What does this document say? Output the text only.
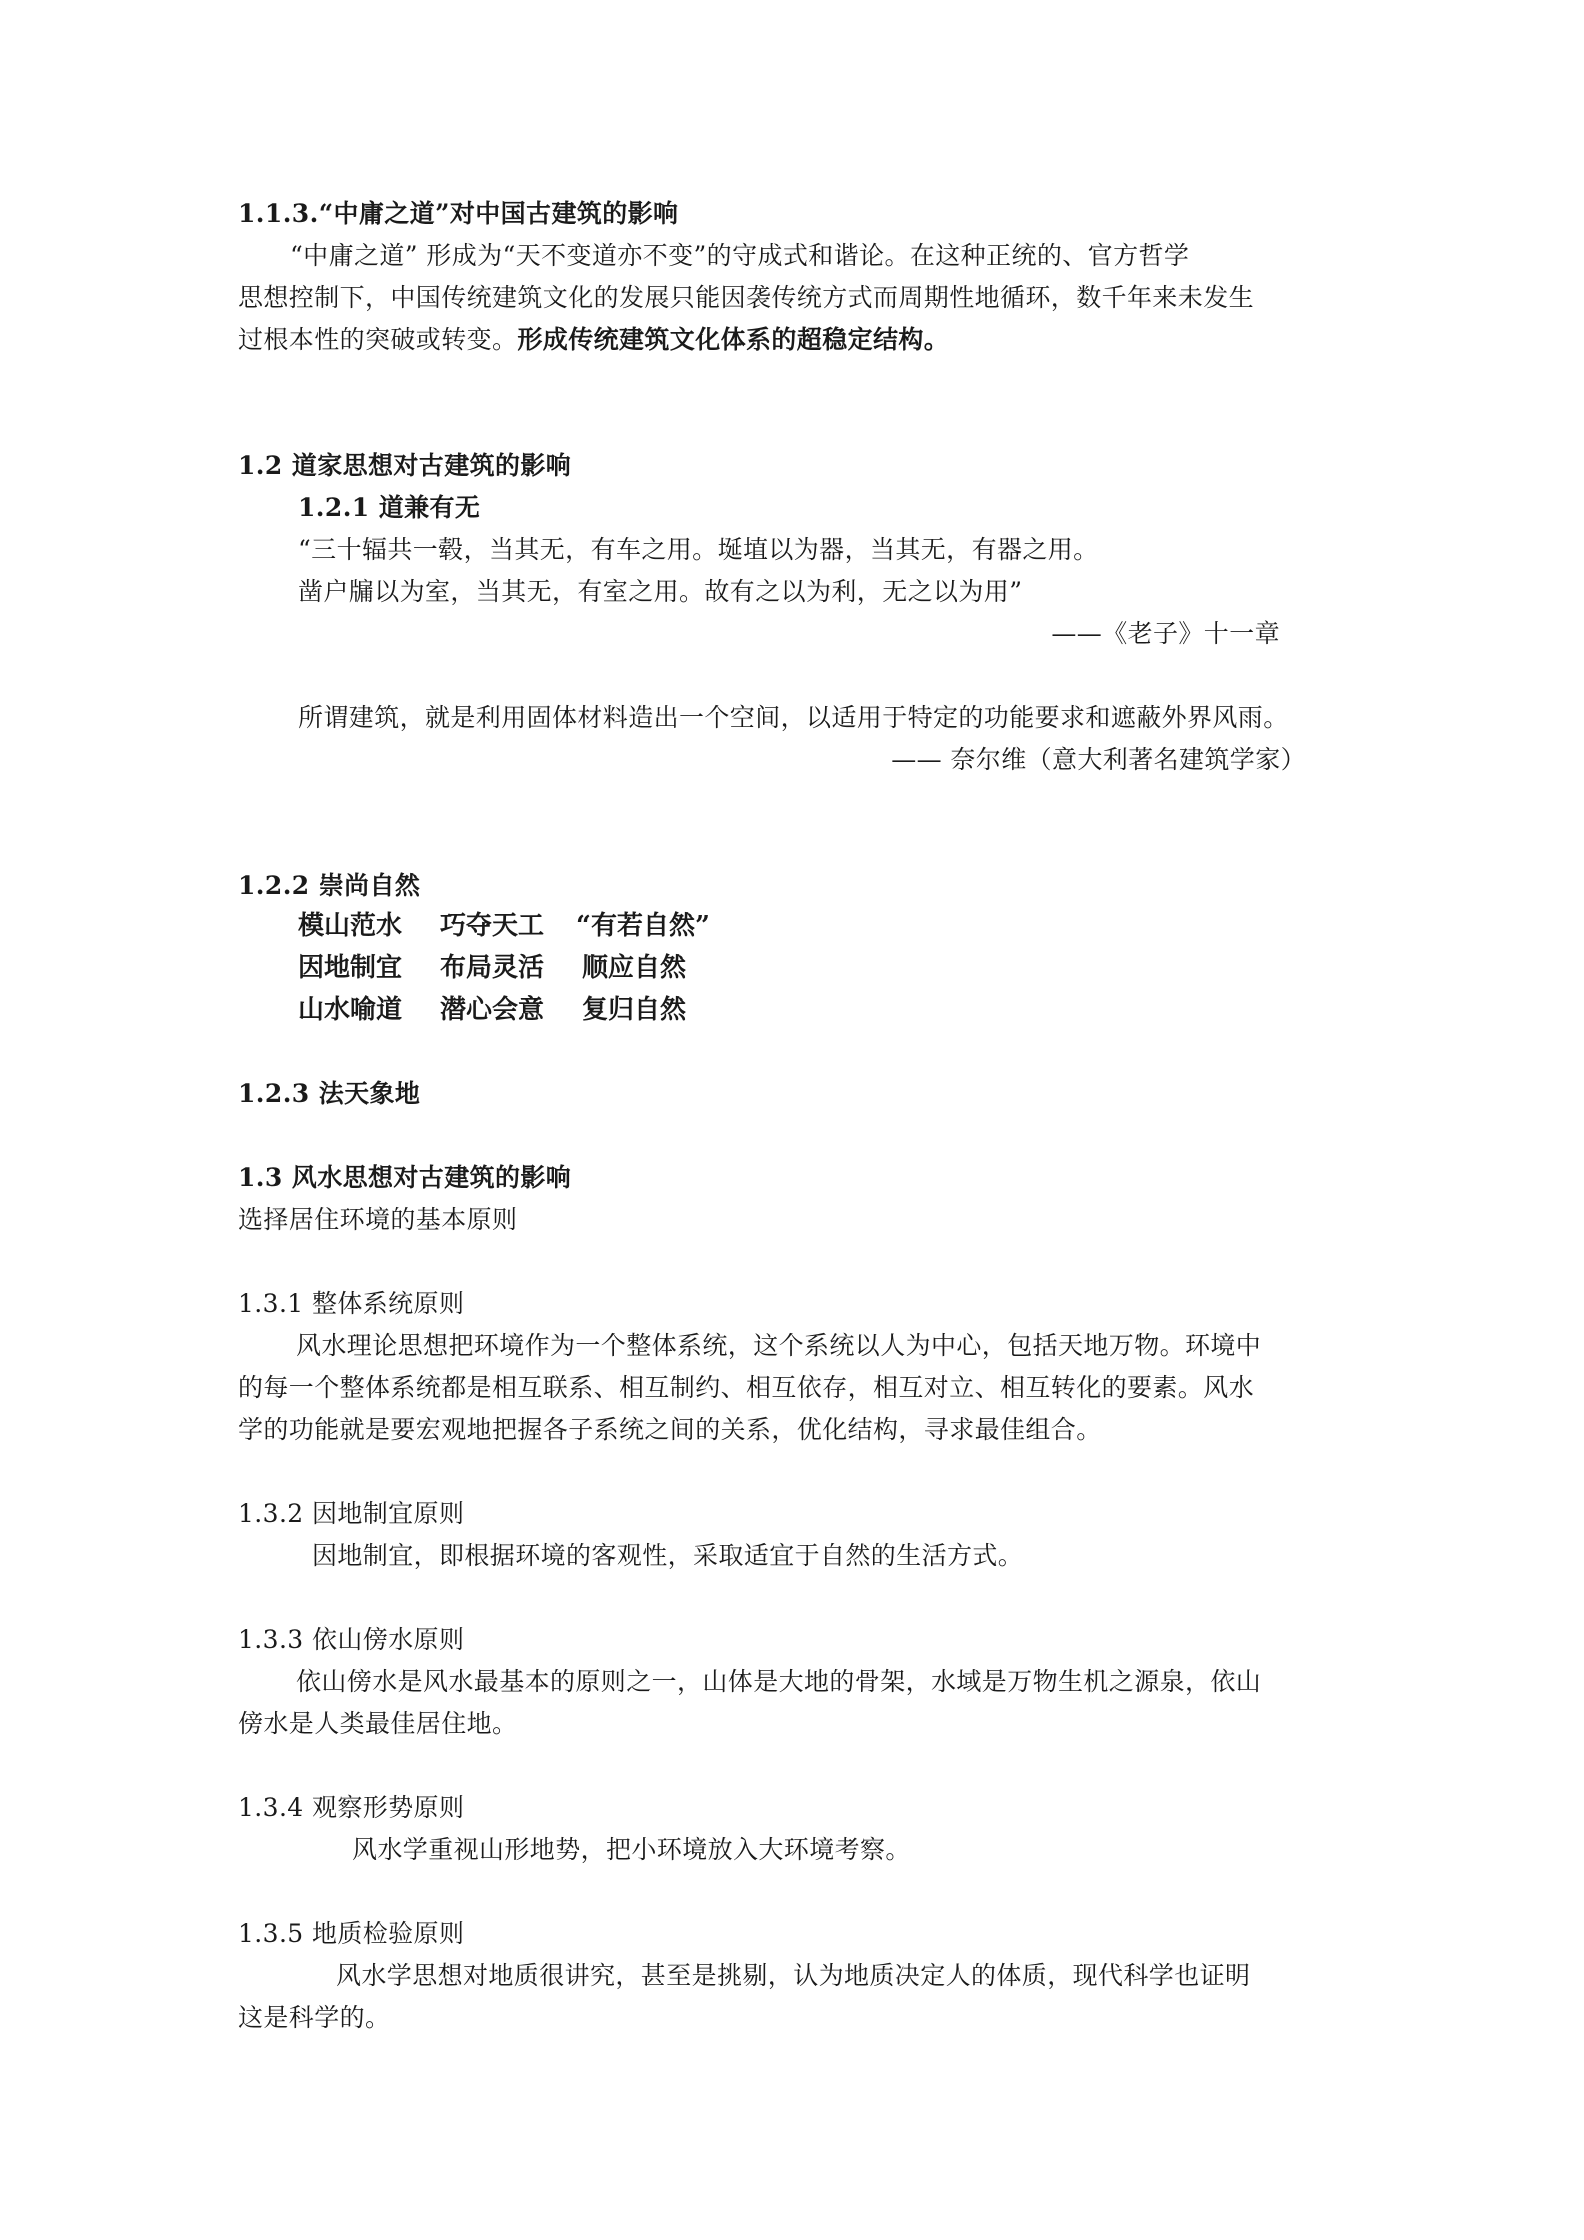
1.1.3.“中庸之道”对中国古建筑的影响
“中庸之道” 形成为“天不变道亦不变”的守成式和谐论。在这种正统的、官方哲学
思想控制下，中国传统建筑文化的发展只能因袭传统方式而周期性地循环，数千年来未发生
过根本性的突破或转变。形成传统建筑文化体系的超稳定结构。
1.2 道家思想对古建筑的影响
1.2.1 道兼有无
“三十辐共一毂，当其无，有车之用。埏埴以为器，当其无，有器之用。
凿户牖以为室，当其无，有室之用。故有之以为利，无之以为用”
——《老子》十一章
所谓建筑，就是利用固体材料造出一个空间，以适用于特定的功能要求和遮蔽外界风雨。
—— 奈尔维（意大利著名建筑学家）
1.2.2 崇尚自然
模山范水 巧夺天工 “有若自然”
因地制宜 布局灵活 顺应自然
山水喻道 潜心会意 复归自然
1.2.3 法天象地
1.3 风水思想对古建筑的影响
选择居住环境的基本原则
1.3.1 整体系统原则
风水理论思想把环境作为一个整体系统，这个系统以人为中心，包括天地万物。环境中
的每一个整体系统都是相互联系、相互制约、相互依存，相互对立、相互转化的要素。风水
学的功能就是要宏观地把握各子系统之间的关系，优化结构，寻求最佳组合。
1.3.2 因地制宜原则
因地制宜，即根据环境的客观性，采取适宜于自然的生活方式。
1.3.3 依山傍水原则
依山傍水是风水最基本的原则之一，山体是大地的骨架，水域是万物生机之源泉，依山
傍水是人类最佳居住地。
1.3.4 观察形势原则
风水学重视山形地势，把小环境放入大环境考察。
1.3.5 地质检验原则
风水学思想对地质很讲究，甚至是挑剔，认为地质决定人的体质，现代科学也证明
这是科学的。
